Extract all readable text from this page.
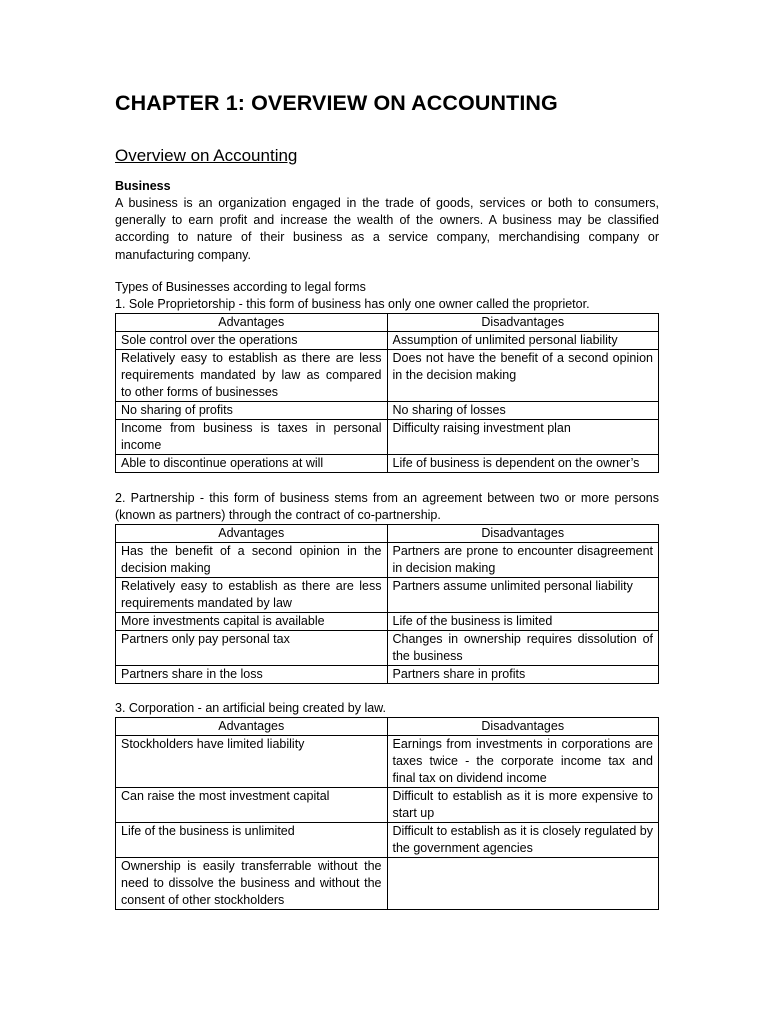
CHAPTER 1: OVERVIEW ON ACCOUNTING
Overview on Accounting

Business

A business is an organization engaged in the trade of goods, services or both to consumers, generally to earn profit and increase the wealth of the owners. A business may be classified according to nature of their business as a service company, merchandising company or manufacturing company.

Types of Businesses according to legal forms

1. Sole Proprietorship - this form of business has only one owner called the proprietor.

Advantages	Disadvantages
Sole control over the operations	Assumption of unlimited personal liability
Relatively easy to establish as there are less requirements mandated by law as compared to other forms of businesses	Does not have the benefit of a second opinion in the decision making
No sharing of profits	No sharing of losses
Income from business is taxes in personal income	Difficulty raising investment plan
Able to discontinue operations at will	Life of business is dependent on the owner’s

2. Partnership - this form of business stems from an agreement between two or more persons (known as partners) through the contract of co-partnership.

Advantages	Disadvantages
Has the benefit of a second opinion in the decision making	Partners are prone to encounter disagreement in decision making
Relatively easy to establish as there are less requirements mandated by law	Partners assume unlimited personal liability
More investments capital is available	Life of the business is limited
Partners only pay personal tax	Changes in ownership requires dissolution of the business
Partners share in the loss	Partners share in profits

3. Corporation - an artificial being created by law.

Advantages	Disadvantages
Stockholders have limited liability	Earnings from investments in corporations are taxes twice - the corporate income tax and final tax on dividend income
Can raise the most investment capital	Difficult to establish as it is more expensive to start up
Life of the business is unlimited	Difficult to establish as it is closely regulated by the government agencies
Ownership is easily transferrable without the need to dissolve the business and without the consent of other stockholders	
